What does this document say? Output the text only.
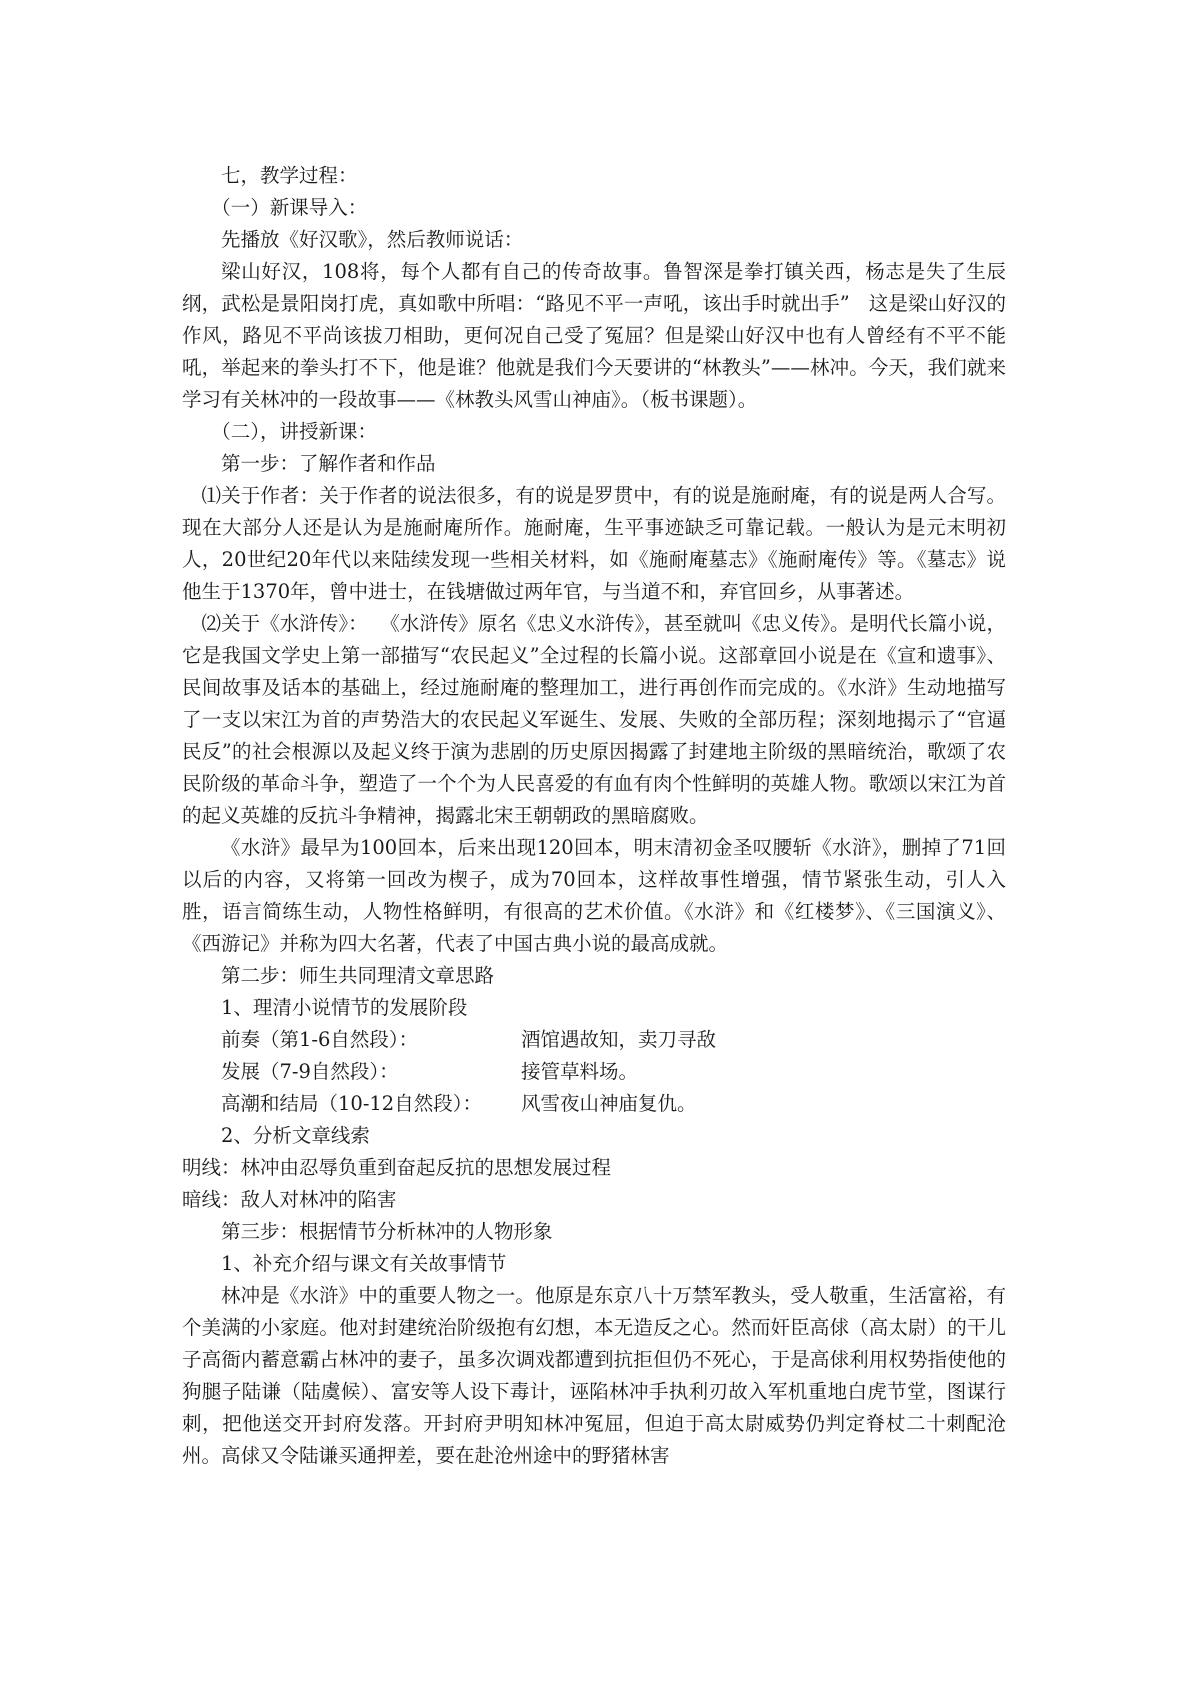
七，教学过程：

（一）新课导入：

先播放《好汉歌》，然后教师说话：

梁山好汉，108将，每个人都有自己的传奇故事。鲁智深是拳打镇关西，杨志是失了生辰纲，武松是景阳岗打虎，真如歌中所唱：“路见不平一声吼，该出手时就出手”   这是梁山好汉的作风，路见不平尚该拔刀相助，更何况自己受了冤屈？但是梁山好汉中也有人曾经有不平不能吼，举起来的拳头打不下，他是谁？他就是我们今天要讲的“林教头”——林冲。今天，我们就来学习有关林冲的一段故事——《林教头风雪山神庙》。（板书课题）。

（二），讲授新课：

第一步：了解作者和作品

⑴关于作者：关于作者的说法很多，有的说是罗贯中，有的说是施耐庵，有的说是两人合写。现在大部分人还是认为是施耐庵所作。施耐庵，生平事迹缺乏可靠记载。一般认为是元末明初人，20世纪20年代以来陆续发现一些相关材料，如《施耐庵墓志》《施耐庵传》等。《墓志》说他生于1370年，曾中进士，在钱塘做过两年官，与当道不和，弃官回乡，从事著述。

⑵关于《水浒传》：  《水浒传》原名《忠义水浒传》，甚至就叫《忠义传》。是明代长篇小说，它是我国文学史上第一部描写“农民起义”全过程的长篇小说。这部章回小说是在《宣和遗事》、民间故事及话本的基础上，经过施耐庵的整理加工，进行再创作而完成的。《水浒》生动地描写了一支以宋江为首的声势浩大的农民起义军诞生、发展、失败的全部历程；深刻地揭示了“官逼民反”的社会根源以及起义终于演为悲剧的历史原因揭露了封建地主阶级的黑暗统治，歌颂了农民阶级的革命斗争，塑造了一个个为人民喜爱的有血有肉个性鲜明的英雄人物。歌颂以宋江为首的起义英雄的反抗斗争精神，揭露北宋王朝朝政的黑暗腐败。

《水浒》最早为100回本，后来出现120回本，明末清初金圣叹腰斩《水浒》，删掉了71回以后的内容，又将第一回改为楔子，成为70回本，这样故事性增强，情节紧张生动，引人入胜，语言简练生动，人物性格鲜明，有很高的艺术价值。《水浒》和《红楼梦》、《三国演义》、《西游记》并称为四大名著，代表了中国古典小说的最高成就。

第二步：师生共同理清文章思路

1、理清小说情节的发展阶段

前奏（第1-6自然段）：	酒馆遇故知，卖刀寻敌
发展（7-9自然段）：	接管草料场。
高潮和结局（10-12自然段）：	风雪夜山神庙复仇。

2、分析文章线索

明线：林冲由忍辱负重到奋起反抗的思想发展过程

暗线：敌人对林冲的陷害

第三步：根据情节分析林冲的人物形象

1、补充介绍与课文有关故事情节

林冲是《水浒》中的重要人物之一。他原是东京八十万禁军教头，受人敬重，生活富裕，有个美满的小家庭。他对封建统治阶级抱有幻想，本无造反之心。然而奸臣高俅（高太尉）的干儿子高衙内蓄意霸占林冲的妻子，虽多次调戏都遭到抗拒但仍不死心，于是高俅利用权势指使他的狗腿子陆谦（陆虞候）、富安等人设下毒计，诬陷林冲手执利刃故入军机重地白虎节堂，图谋行刺，把他送交开封府发落。开封府尹明知林冲冤屈，但迫于高太尉威势仍判定脊杖二十刺配沧州。高俅又令陆谦买通押差，要在赴沧州途中的野猪林害
